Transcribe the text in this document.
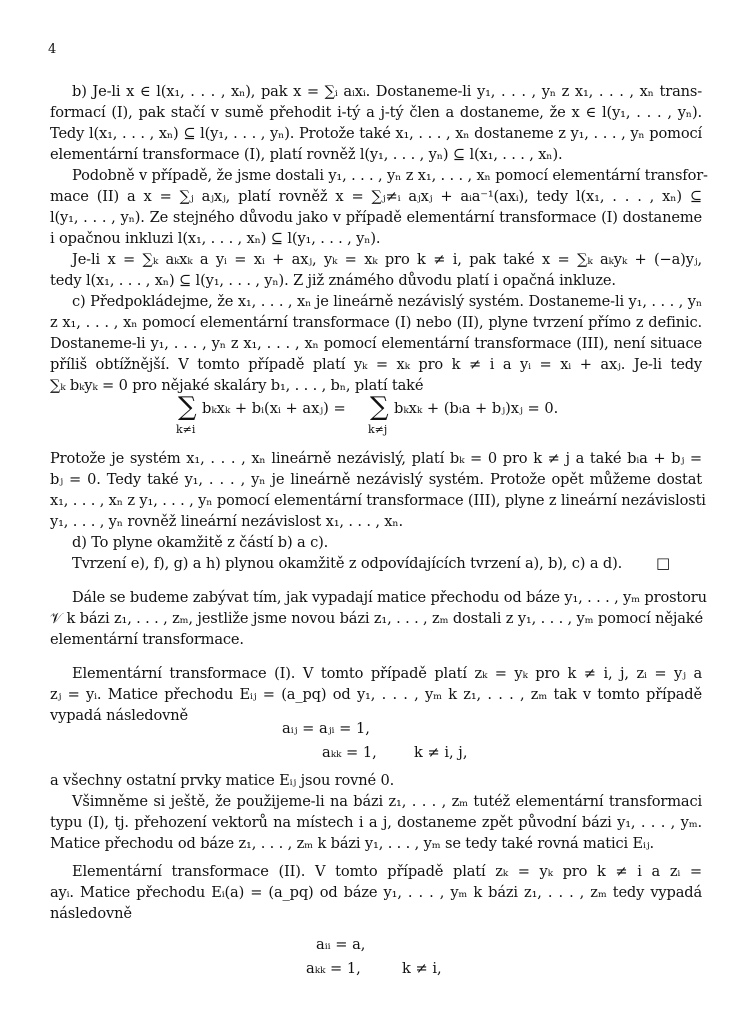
4
b) Je-li x ∈ l(x₁, . . . , xₙ), pak x = ∑ᵢ aᵢxᵢ. Dostaneme-li y₁, . . . , yₙ z x₁, . . . , xₙ trans-
formací (I), pak stačí v sumě přehodit i-tý a j-tý člen a dostaneme, že x ∈ l(y₁, . . . , yₙ).
Tedy l(x₁, . . . , xₙ) ⊆ l(y₁, . . . , yₙ). Protože také x₁, . . . , xₙ dostaneme z y₁, . . . , yₙ pomocí
elementární transformace (I), platí rovněž l(y₁, . . . , yₙ) ⊆ l(x₁, . . . , xₙ).
Podobně v případě, že jsme dostali y₁, . . . , yₙ z x₁, . . . , xₙ pomocí elementární transfor-
mace (II) a x = ∑ⱼ aⱼxⱼ, platí rovněž x = ∑ⱼ≠ᵢ aⱼxⱼ + aᵢa⁻¹(axᵢ), tedy l(x₁, . . . , xₙ) ⊆
l(y₁, . . . , yₙ). Ze stejného důvodu jako v případě elementární transformace (I) dostaneme
i opačnou inkluzi l(x₁, . . . , xₙ) ⊆ l(y₁, . . . , yₙ).
Je-li x = ∑ₖ aₖxₖ a yᵢ = xᵢ + axⱼ, yₖ = xₖ pro k ≠ i, pak také x = ∑ₖ aₖyₖ + (−a)yⱼ,
tedy l(x₁, . . . , xₙ) ⊆ l(y₁, . . . , yₙ). Z již známého důvodu platí i opačná inkluze.
c) Předpokládejme, že x₁, . . . , xₙ je lineárně nezávislý systém. Dostaneme-li y₁, . . . , yₙ
z x₁, . . . , xₙ pomocí elementární transformace (I) nebo (II), plyne tvrzení přímo z definic.
Dostaneme-li y₁, . . . , yₙ z x₁, . . . , xₙ pomocí elementární transformace (III), není situace
příliš obtížnější. V tomto případě platí yₖ = xₖ pro k ≠ i a yᵢ = xᵢ + axⱼ. Je-li tedy
∑ₖ bₖyₖ = 0 pro nějaké skaláry b₁, . . . , bₙ, platí také
∑
k≠i
bₖxₖ + bᵢ(xᵢ + axⱼ) = ∑
k≠j
bₖxₖ + (bᵢa + bⱼ)xⱼ = 0.
Protože je systém x₁, . . . , xₙ lineárně nezávislý, platí bₖ = 0 pro k ≠ j a také bᵢa + bⱼ =
bⱼ = 0. Tedy také y₁, . . . , yₙ je lineárně nezávislý systém. Protože opět můžeme dostat
x₁, . . . , xₙ z y₁, . . . , yₙ pomocí elementární transformace (III), plyne z lineární nezávislosti
y₁, . . . , yₙ rovněž lineární nezávislost x₁, . . . , xₙ.
d) To plyne okamžitě z částí b) a c).
Tvrzení e), f), g) a h) plynou okamžitě z odpovídajících tvrzení a), b), c) a d).	□
Dále se budeme zabývat tím, jak vypadají matice přechodu od báze y₁, . . . , yₘ prostoru
𝒱 k bázi z₁, . . . , zₘ, jestliže jsme novou bázi z₁, . . . , zₘ dostali z y₁, . . . , yₘ pomocí nějaké
elementární transformace.
Elementární transformace (I). V tomto případě platí zₖ = yₖ pro k ≠ i, j, zᵢ = yⱼ a
zⱼ = yᵢ. Matice přechodu Eᵢⱼ = (a_pq) od y₁, . . . , yₘ k z₁, . . . , zₘ tak v tomto případě
vypadá následovně
aᵢⱼ = aⱼᵢ = 1,
aₖₖ = 1,	k ≠ i, j,
a všechny ostatní prvky matice Eᵢⱼ jsou rovné 0.
Všimněme si ještě, že použijeme-li na bázi z₁, . . . , zₘ tutéž elementární transformaci
typu (I), tj. přehození vektorů na místech i a j, dostaneme zpět původní bázi y₁, . . . , yₘ.
Matice přechodu od báze z₁, . . . , zₘ k bázi y₁, . . . , yₘ se tedy také rovná matici Eᵢⱼ.
Elementární transformace (II). V tomto případě platí zₖ = yₖ pro k ≠ i a zᵢ =
ayᵢ. Matice přechodu Eᵢ(a) = (a_pq) od báze y₁, . . . , yₘ k bázi z₁, . . . , zₘ tedy vypadá
následovně
aᵢᵢ = a,
aₖₖ = 1,	k ≠ i,
